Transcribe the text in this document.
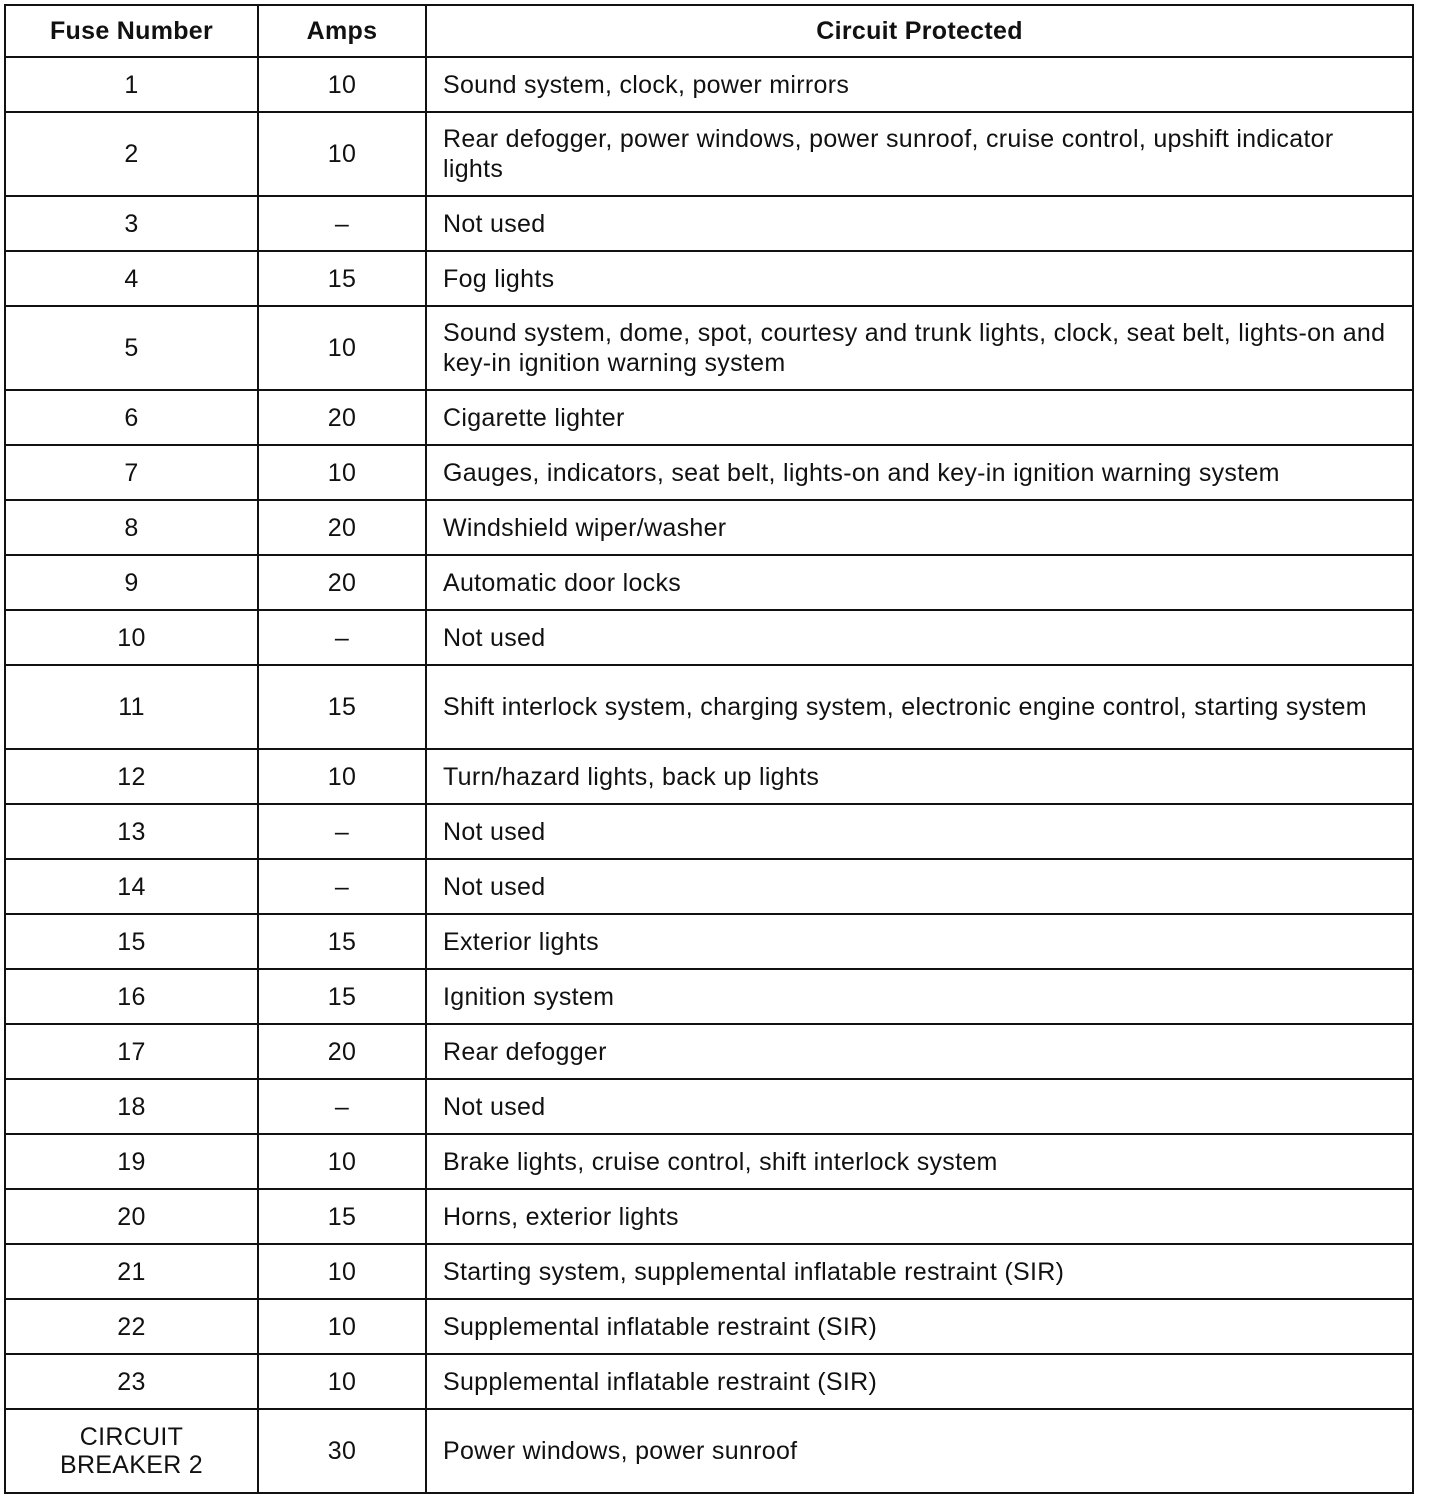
Fuse Number	Amps	Circuit Protected
1	10	Sound system, clock, power mirrors
2	10	Rear defogger, power windows, power sunroof, cruise control, upshift indicator lights
3	–	Not used
4	15	Fog lights
5	10	Sound system, dome, spot, courtesy and trunk lights, clock, seat belt, lights-on and key-in ignition warning system
6	20	Cigarette lighter
7	10	Gauges, indicators, seat belt, lights-on and key-in ignition warning system
8	20	Windshield wiper/washer
9	20	Automatic door locks
10	–	Not used
11	15	Shift interlock system, charging system, electronic engine control, starting system
12	10	Turn/hazard lights, back up lights
13	–	Not used
14	–	Not used
15	15	Exterior lights
16	15	Ignition system
17	20	Rear defogger
18	–	Not used
19	10	Brake lights, cruise control, shift interlock system
20	15	Horns, exterior lights
21	10	Starting system, supplemental inflatable restraint (SIR)
22	10	Supplemental inflatable restraint (SIR)
23	10	Supplemental inflatable restraint (SIR)

CIRCUIT
BREAKER 2	30	Power windows, power sunroof
